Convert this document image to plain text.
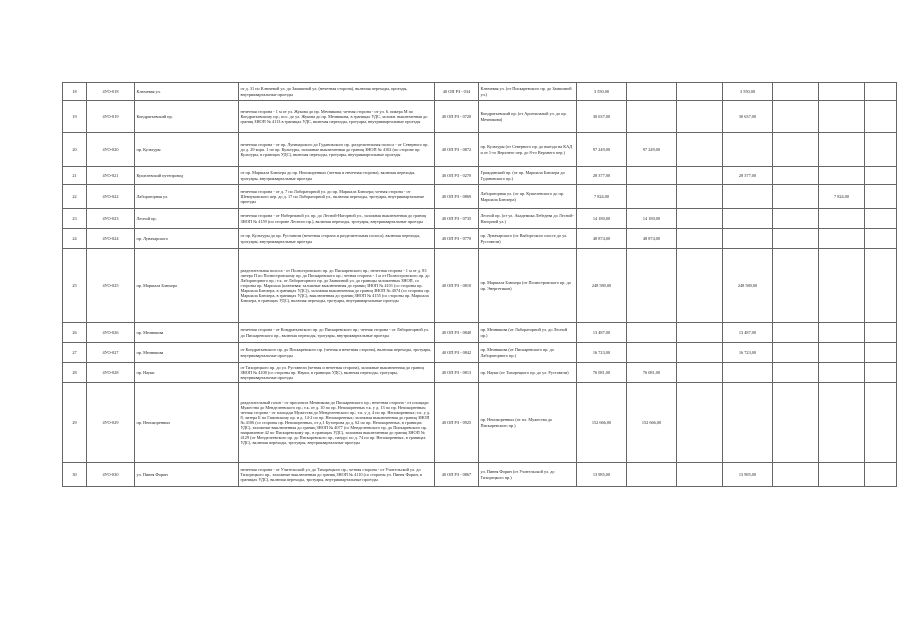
18	4УО-018	Ключевая ул.	от д. 31 по Ключевой ул. до Замшиной ул. (нечетная сторона), включая переходы, проезды, внутриквартальные проезды	40 ОП РЗ - 034	Ключевая ул. (от Пискаревского пр. до Замшиной ул.)	3 550,00			3 550,00			
19	4УО-019	Кондратьевский пр.	нечетная сторона - 1 м от ул. Жукова до пр. Мечникова; четная сторона - от ул. 6. пикера М по Кондратьевскому пр.; пос. до ул. Жукова до пр. Мечникова, в границах УДС, заложн. выключенная до границ ЗНОП № 4113 в границах УДС, включая переходы, тротуары, внутриквартальные проезды	40 ОП РЗ - 0720	Кондратьевский пр. (от Арсенальной ул. до пр. Мечникова)	30 637,00			30 637,00			
20	4УО-020	пр. Культуры	нечетная сторона - от пр. Луначарского до Гудановского пр. ;разделительная полоса - от Северного пр. до д. 29 корп. 1 по пр. Культуры, заложные выключенная до границ ЗНОП № 4102 (по стороне пр. Культуры, в границах УДС), включая переходы, тротуары, внутриквартальные проезды	40 ОП РЗ - 0872	пр. Культуры (от Северного пр. до выезда на КАД и от 1-го Верхнего пер. до 8-го Верхнего пер.)	97 249,00	97 249,00					
21	4УО-021	Кушелевский путепровод	от пр. Маршала Блюхера до пр. Непокоренных (четная и нечетная сторона), включая переходы, тротуары, внутриквартальные проезды	40 ОП РЗ - 0270	Гражданский пр. (от пр. Маршала Блюхера до Гудановского пр.)	28 377,00			28 377,00			
22	4УО-022	Лабораторная ул.	нечетная сторона - от д. 7 по Лабораторной ул. до пр. Маршала Блюхера; четная сторона - от Шевчуковского пер. до д. 17 по Лабораторной ул., включая переходы, тротуары, внутриквартальные проезды	40 ОП РЗ - 0869	Лабораторная ул. (от пр. Кушелевского до пр. Маршала Блюхера)	7 824,00					7 824,00	
23	4УО-023	Лесной пр.	нечетная сторона - от Набережной ул. пр. до Лесной-Нагорной ул., заложная выключенная до границ ЗНОП № 4159 (по стороне Лесного пр.), включая переходы, тротуары, внутриквартальные проезды	40 ОП РЗ - 0735	Лесной пр. (от ул. Академика Лебедева до Лесной-Нагорной ул.)	14 180,00	14 180,00					
24	4УО-024	пр. Луначарского	от пр. Культуры до пр. Руставели (нечетная сторона и разделительная полоса), включая переходы, тротуары, внутриквартальные проезды	40 ОП РЗ - 0770	пр. Луначарского (от Выборгского шоссе до ул. Руставели)	48 874,00	48 874,00					
25	4УО-025	пр. Маршала Блюхера	разделительная полоса - от Полюстровского пр. до Пискаревского пр.; нечетная сторона - 1 м от д. 83 литера П по Полюстровскому пр. до Пискаревского пр.; четная сторона - 1 м от Полюстровского пр. до Лабораторного пр.; т.к. от Лабораторного пр. до Замшиной ул. до границы заложенных ЗНОП, со стороны пр. Маршала (ключевая: заложные выключенная до границ ЗНОП № 4101 (со стороны пр. Маршала Блюхера, в границах УДС)), заложная выключенная до границ ЗНОП № 4074 (со стороны пр. Маршала Блюхера, в границах УДС), выключенная до границ ЗНОП № 4155 (со стороны пр. Маршала Блюхера, в границах УДС), включая переходы, тротуары, внутриквартальные проезды	40 ОП РЗ - 0810	пр. Маршала Блюхера (от Полюстровского пр. до пр. Энергетиков)	248 580,00			248 580,00			
26	4УО-026	пр. Мечникова	нечетная сторона - от Кондратьевского пр. до Пискаревского пр.; четная сторона - от Лабораторной ул. до Пискаревского пр., включая переходы, тротуары, внутриквартальные проезды	40 ОП РЗ - 0840	пр. Мечникова (от Лабораторной ул. до Лесной пр.)	13 487,00			13 487,00			
27	4УО-027	пр. Мечникова	от Кондратьевского пр. до Пискаревского пр. (четная и нечетная сторона), включая переходы, тротуары, внутриквартальные проезды	40 ОП РЗ - 0842	пр. Мечникова (от Пискаревского пр. до Лабораторного пр.)	16 723,00			16 723,00			
28	4УО-028	пр. Науки	от Тихорецкого пр. до ул. Руставели (четная и нечетная сторона), заложные выключенная до границ ЗНОП № 4108 (со стороны пр. Науки, в границах УДС), включая переходы, тротуары, внутриквартальные проезды	40 ОП РЗ - 0813	пр. Науки (от Тихорецкого пр. до ул. Руставели)	76 081,00	76 081,00					
29	4УО-029	пр. Непокоренных	разделительный газон - от проспекта Мечникова до Пискаревского пр.; нечетная сторона - от площади Мужества до Менделеевского пр.; т.к. от д. 10 по пр. Непокоренных т.к. у д. 13 по пр. Непокоренных; четная сторона - от площади Мужества до Менделеевского пр.; т.к. у д. 4 по пр. Непокоренных; т.к. у д. 8, литера Б по Гамовскому пр. и д. 14-2 по пр. Непокоренных; заложная выключенная до границ ЗНОП № 4106 (со стороны пр. Непокоренных, от д.1 Бутлерова до д. 62 по пр. Непокоренных, в границах УДС), заложные выключенная до границ ЗНОП № 4077 (со Менделеевского пр. до Пискаревского пр. направление 42 по Пискаревскому пр., в границах УДС), заложная выключенная до границ ЗНОП № 4129 (от Менделеевского пр. до Пискаревского пр., пандус по д. 74 по пр. Непокоренных, в границах УДС), включая переходы, тротуары, внутриквартальные проезды	40 ОП РЗ - 0925	пр. Непокоренных (от пл. Мужества до Пискаревского пр.)	152 666,00	152 666,00					
30	4УО-030	ул. Пинея Форин	нечетная сторона - от Учительской ул. до Тихорецкого пр.; четная сторона - от Учительской ул. до Тихорецкого пр., заложные выключенная до границ ЗНОП № 4110 (со стороны ул. Пинея Форин, в границах УДС), включая переходы, тротуары, внутриквартальные проезды	40 ОП РЗ - 0867	ул. Пинея Форин (от Учительской ул. до Тихорецкого пр.)	13 985,00			13 985,00			
